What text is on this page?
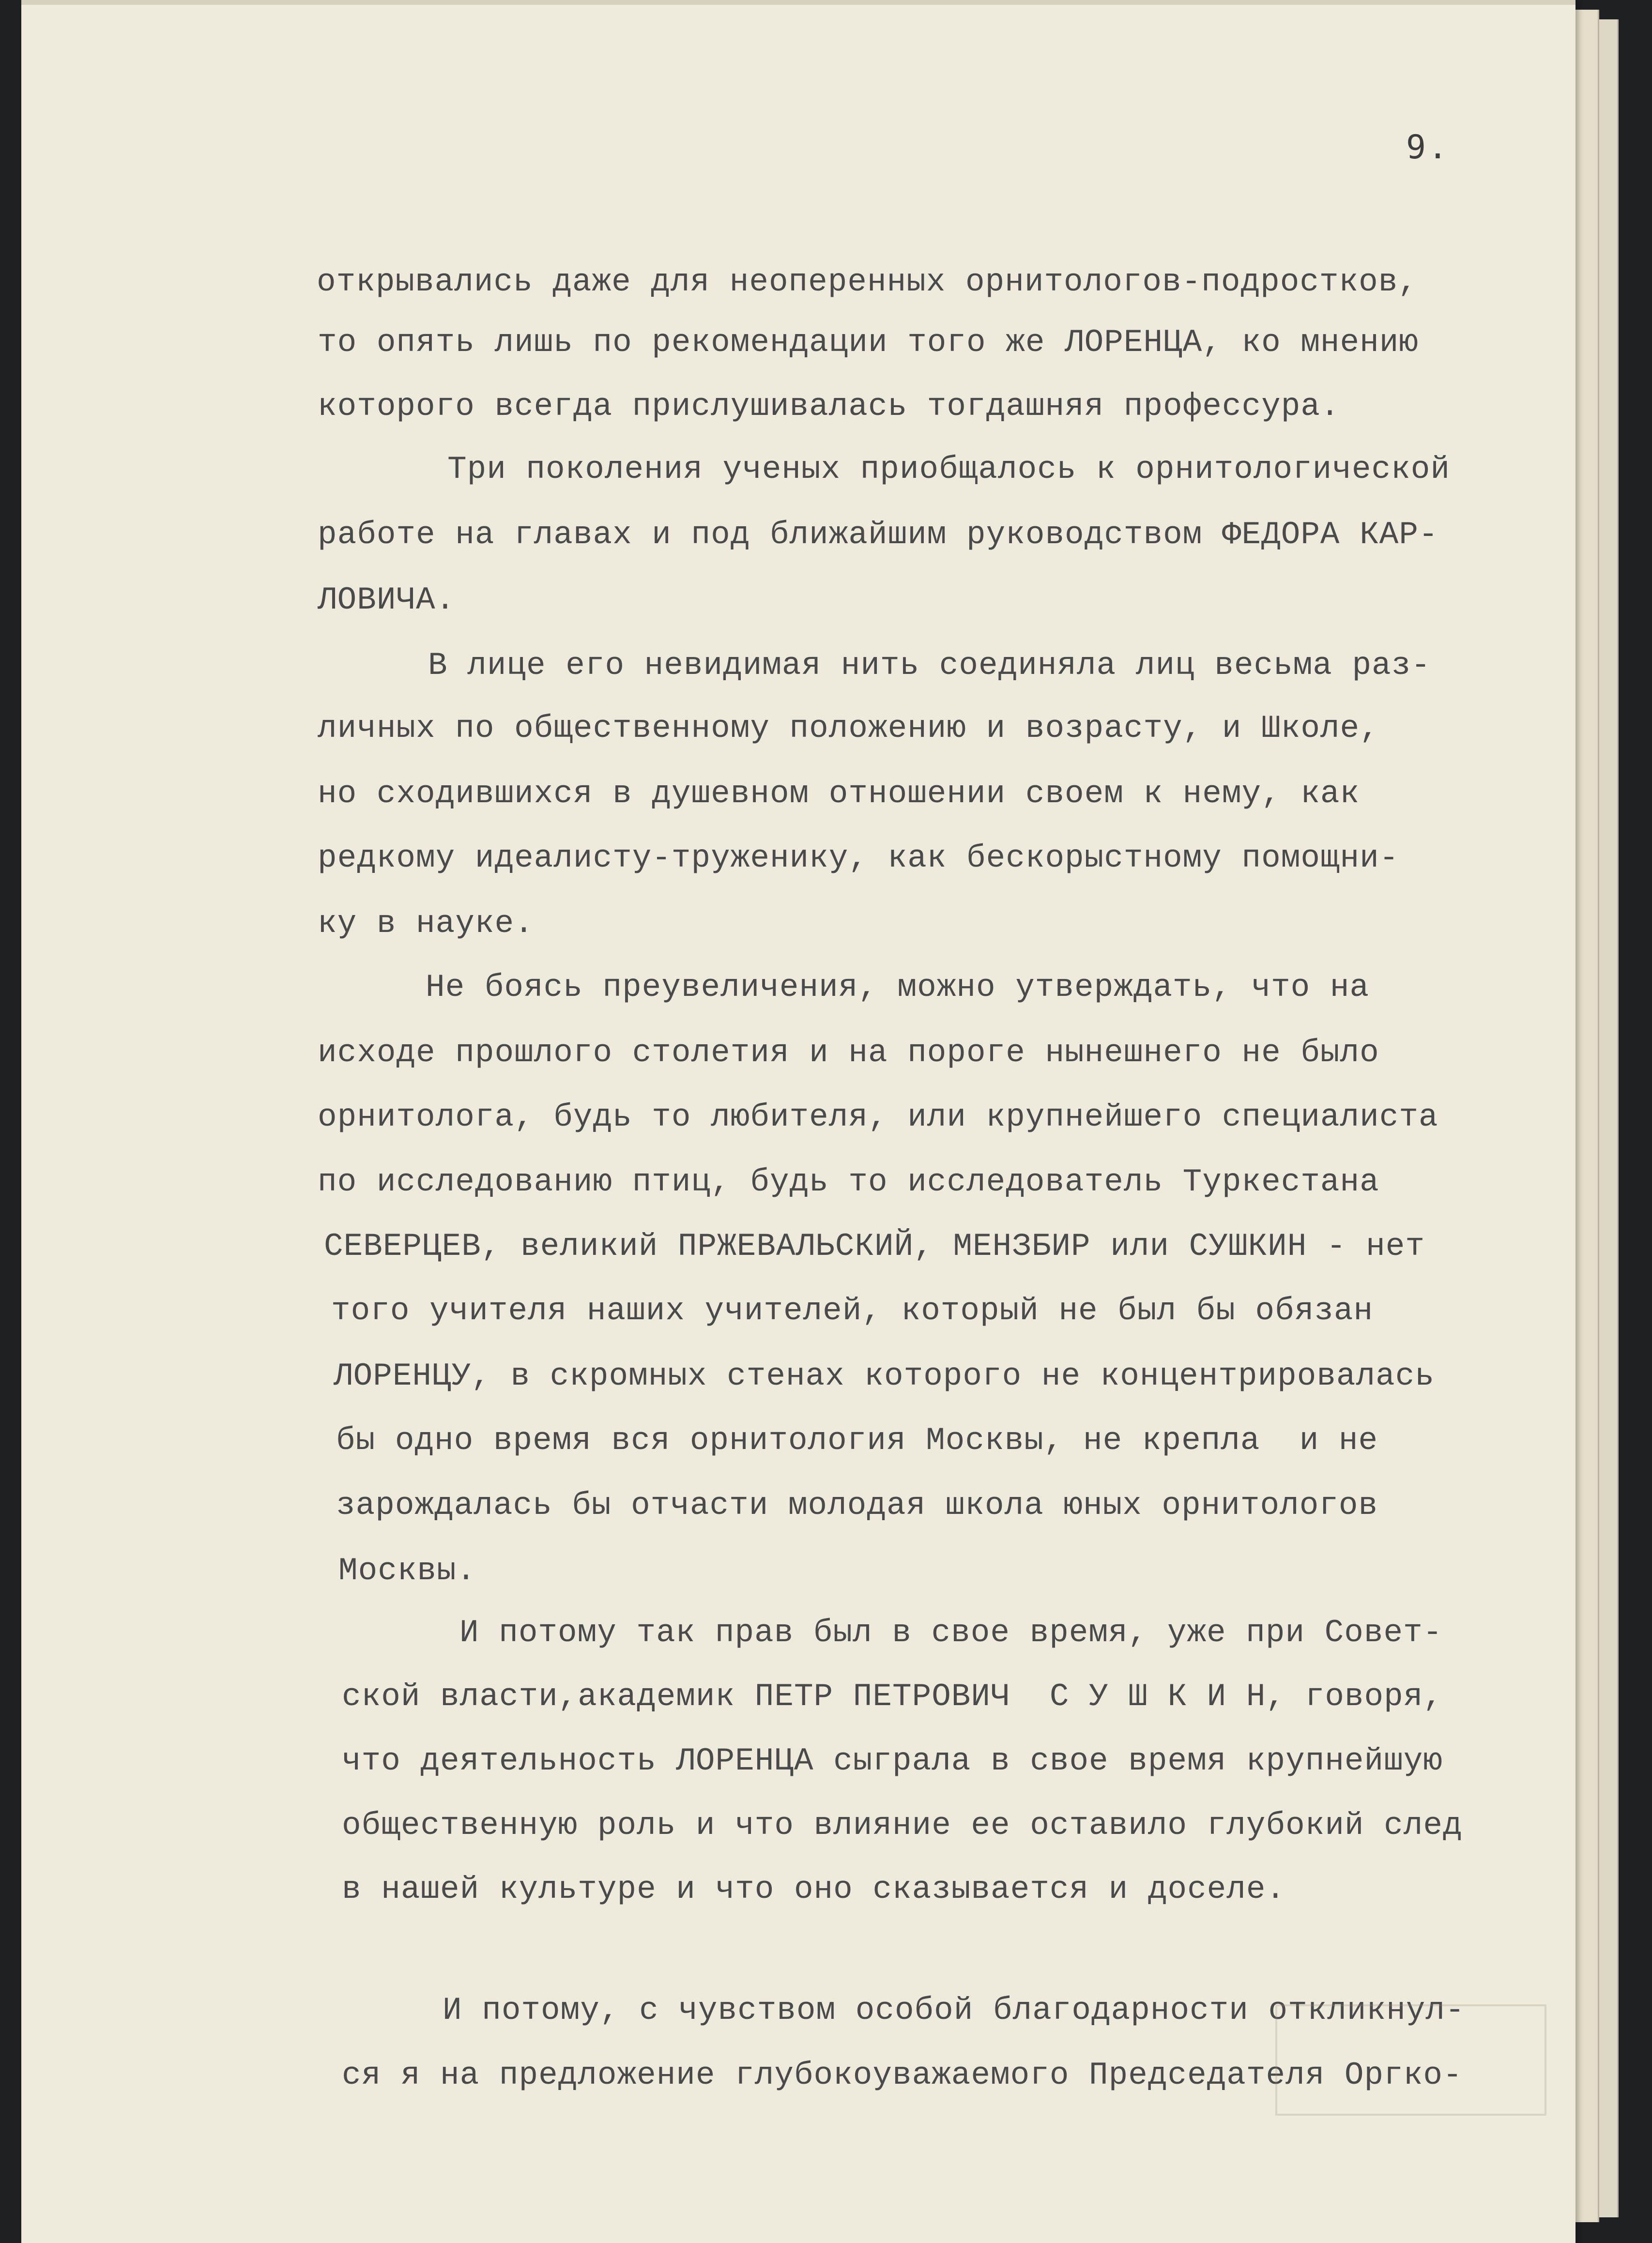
9.
открывались даже для неоперенных орнитологов-подростков,
то опять лишь по рекомендации того же ЛОРЕНЦА, ко мнению
которого всегда прислушивалась тогдашняя профессура.
Три поколения ученых приобщалось к орнитологической
работе на главах и под ближайшим руководством ФЕДОРА КАР-
ЛОВИЧА.
В лице его невидимая нить соединяла лиц весьма раз-
личных по общественному положению и возрасту, и Школе,
но сходившихся в душевном отношении своем к нему, как
редкому идеалисту-труженику, как бескорыстному помощни-
ку в науке.
Не боясь преувеличения, можно утверждать, что на
исходе прошлого столетия и на пороге нынешнего не было
орнитолога, будь то любителя, или крупнейшего специалиста
по исследованию птиц, будь то исследователь Туркестана
СЕВЕРЦЕВ, великий ПРЖЕВАЛЬСКИЙ, МЕНЗБИР или СУШКИН - нет
того учителя наших учителей, который не был бы обязан
ЛОРЕНЦУ, в скромных стенах которого не концентрировалась
бы одно время вся орнитология Москвы, не крепла  и не
зарождалась бы отчасти молодая школа юных орнитологов
Москвы.
И потому так прав был в свое время, уже при Совет-
ской власти,академик ПЕТР ПЕТРОВИЧ  С У Ш К И Н, говоря,
что деятельность ЛОРЕНЦА сыграла в свое время крупнейшую
общественную роль и что влияние ее оставило глубокий след
в нашей культуре и что оно сказывается и доселе.
И потому, с чувством особой благодарности откликнул-
ся я на предложение глубокоуважаемого Председателя Оргко-
